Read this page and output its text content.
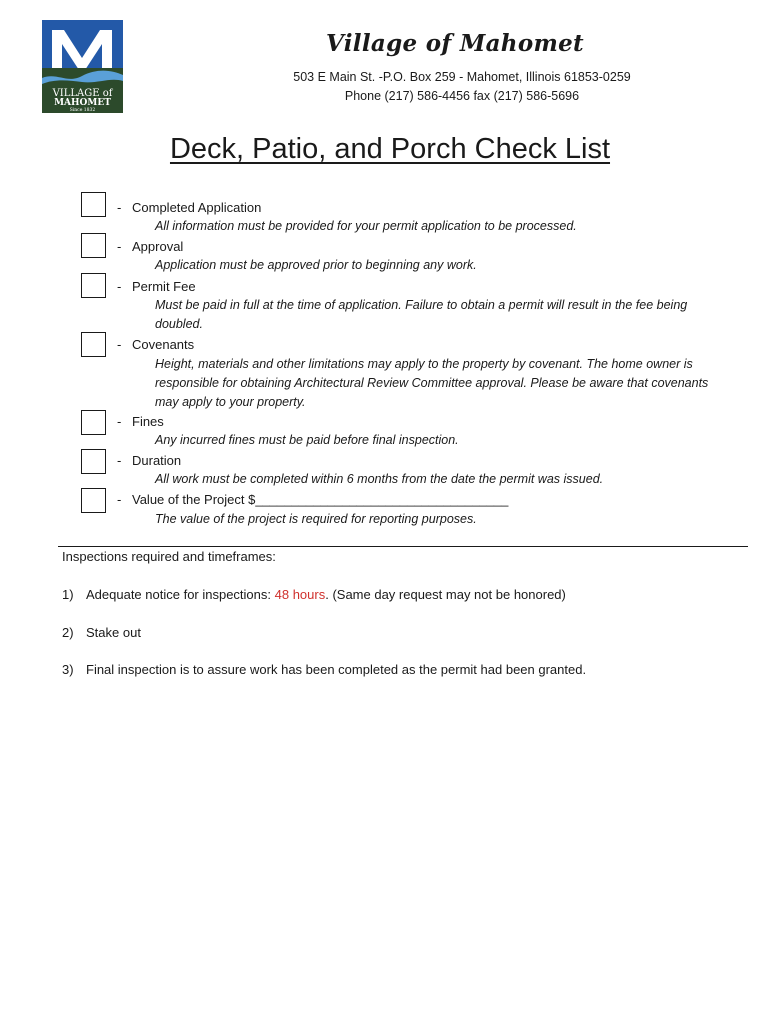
VILLAGE of
MAHOMET
Since 1832
Village of Mahomet
503 E Main St. -P.O. Box 259 - Mahomet, Illinois 61853-0259
Phone (217) 586-4456 fax (217) 586-5696
Deck, Patio, and Porch Check List
- Completed Application
All information must be provided for your permit application to be processed.
- Approval
Application must be approved prior to beginning any work.
- Permit Fee
Must be paid in full at the time of application. Failure to obtain a permit will result in the fee being
doubled.
- Covenants
Height, materials and other limitations may apply to the property by covenant. The home owner is
responsible for obtaining Architectural Review Committee approval. Please be aware that covenants
may apply to your property.
- Fines
Any incurred fines must be paid before final inspection.
- Duration
All work must be completed within 6 months from the date the permit was issued.
- Value of the Project $___________________________________
The value of the project is required for reporting purposes.
Inspections required and timeframes:
1) Adequate notice for inspections: 48 hours. (Same day request may not be honored)
2) Stake out
3) Final inspection is to assure work has been completed as the permit had been granted.
